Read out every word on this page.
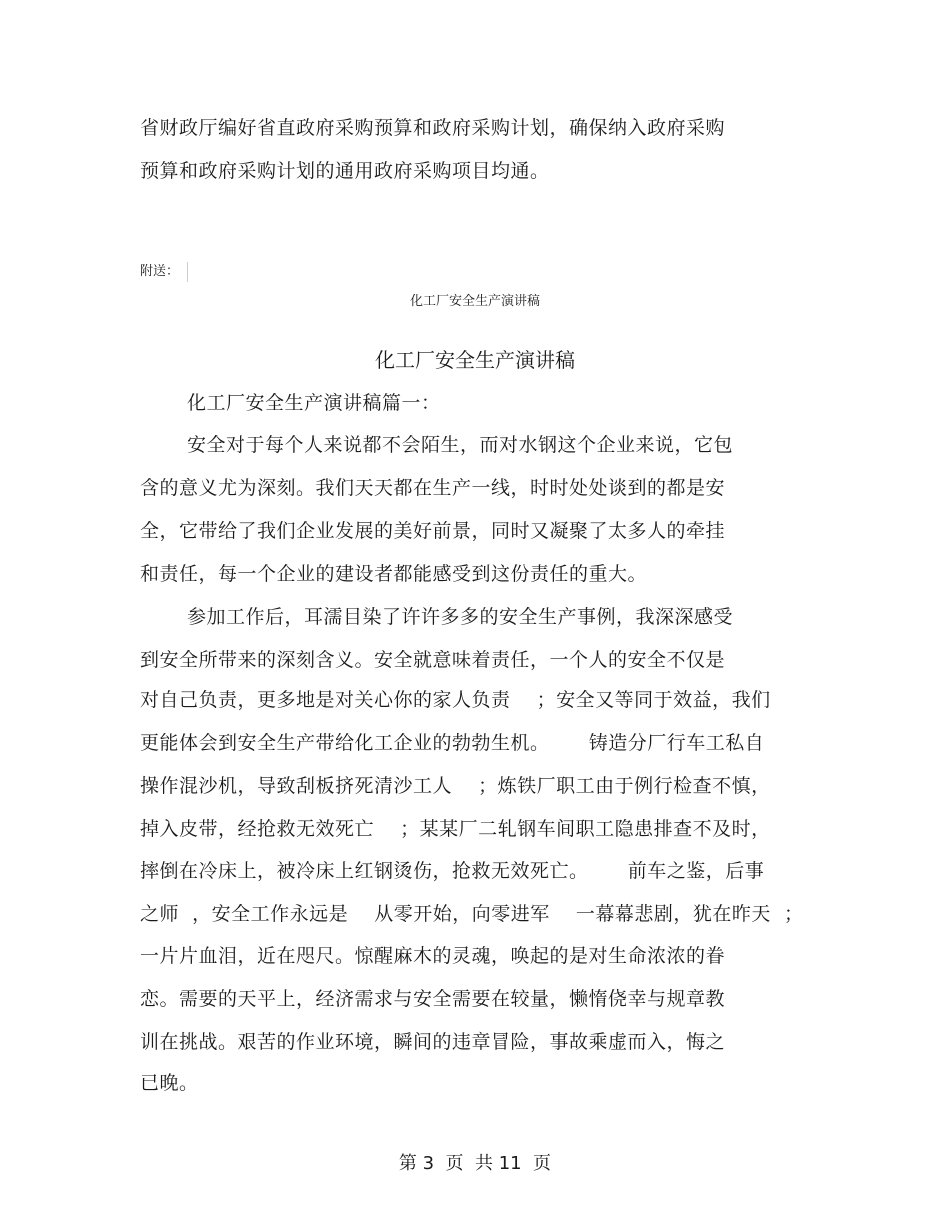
省财政厅编好省直政府采购预算和政府采购计划，确保纳入政府采购
预算和政府采购计划的通用政府采购项目均通。
附送：
化工厂安全生产演讲稿
化工厂安全生产演讲稿
化工厂安全生产演讲稿篇一：
安全对于每个人来说都不会陌生，而对水钢这个企业来说，它包
含的意义尤为深刻。我们天天都在生产一线，时时处处谈到的都是安
全，它带给了我们企业发展的美好前景，同时又凝聚了太多人的牵挂
和责任，每一个企业的建设者都能感受到这份责任的重大。
参加工作后，耳濡目染了许许多多的安全生产事例，我深深感受
到安全所带来的深刻含义。安全就意味着责任，一个人的安全不仅是
对自己负责，更多地是对关心你的家人负责    ；安全又等同于效益，我们
更能体会到安全生产带给化工企业的勃勃生机。      铸造分厂行车工私自
操作混沙机，导致刮板挤死清沙工人    ；炼铁厂职工由于例行检查不慎，
掉入皮带，经抢救无效死亡    ；某某厂二轧钢车间职工隐患排查不及时，
摔倒在冷床上，被冷床上红钢烫伤，抢救无效死亡。      前车之鉴，后事
之师  ，安全工作永远是    从零开始，向零进军    一幕幕悲剧，犹在昨天  ；
一片片血泪，近在咫尺。惊醒麻木的灵魂，唤起的是对生命浓浓的眷
恋。需要的天平上，经济需求与安全需要在较量，懒惰侥幸与规章教
训在挑战。艰苦的作业环境，瞬间的违章冒险，事故乘虚而入，悔之
已晚。
第 3  页  共 11  页
